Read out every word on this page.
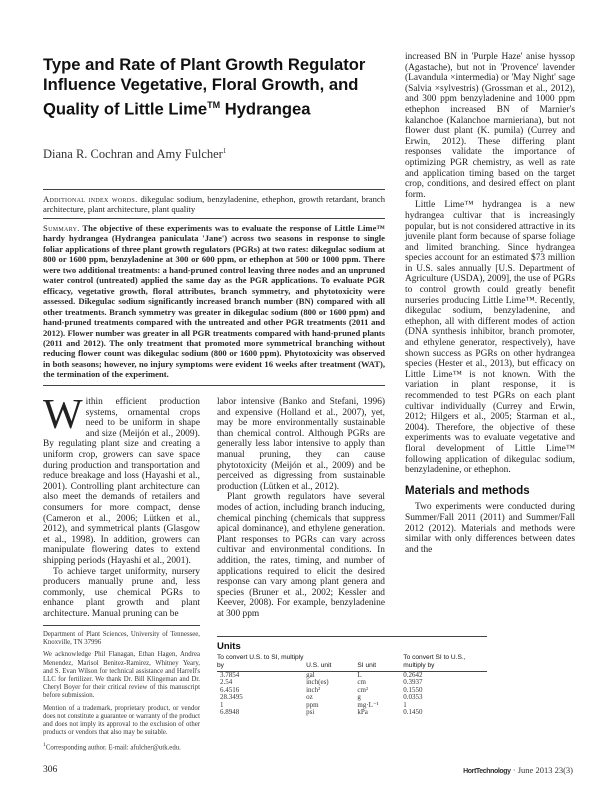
Type and Rate of Plant Growth Regulator
Influence Vegetative, Floral Growth, and
Quality of Little Lime™ Hydrangea
Diana R. Cochran and Amy Fulcher$^1$
Additional index words. dikegulac sodium, benzyladenine, ethephon, growth retardant, branch architecture, plant architecture, plant quality
Summary. The objective of these experiments was to evaluate the response of Little Lime™ hardy hydrangea (Hydrangea paniculata 'Jane') across two seasons in response to single foliar applications of three plant growth regulators (PGRs) at two rates: dikegulac sodium at 800 or 1600 ppm, benzyladenine at 300 or 600 ppm, or ethephon at 500 or 1000 ppm. There were two additional treatments: a hand-pruned control leaving three nodes and an unpruned water control (untreated) applied the same day as the PGR applications. To evaluate PGR efficacy, vegetative growth, floral attributes, branch symmetry, and phytotoxicity were assessed. Dikegulac sodium significantly increased branch number (BN) compared with all other treatments. Branch symmetry was greater in dikegulac sodium (800 or 1600 ppm) and hand-pruned treatments compared with the untreated and other PGR treatments (2011 and 2012). Flower number was greater in all PGR treatments compared with hand-pruned plants (2011 and 2012). The only treatment that promoted more symmetrical branching without reducing flower count was dikegulac sodium (800 or 1600 ppm). Phytotoxicity was observed in both seasons; however, no injury symptoms were evident 16 weeks after treatment (WAT), the termination of the experiment.

Within efficient production systems, ornamental crops need to be uniform in shape and size (Meijón et al., 2009). By regulating plant size and creating a uniform crop, growers can save space during production and transportation and reduce breakage and loss (Hayashi et al., 2001). Controlling plant architecture can also meet the demands of retailers and consumers for more compact, dense (Cameron et al., 2006; Lütken et al., 2012), and symmetrical plants (Glasgow et al., 1998). In addition, growers can manipulate flowering dates to extend shipping periods (Hayashi et al., 2001).

To achieve target uniformity, nursery producers manually prune and, less commonly, use chemical PGRs to enhance plant growth and plant architecture. Manual pruning can be

labor intensive (Banko and Stefani, 1996) and expensive (Holland et al., 2007), yet, may be more environmentally sustainable than chemical control. Although PGRs are generally less labor intensive to apply than manual pruning, they can cause phytotoxicity (Meijón et al., 2009) and be perceived as digressing from sustainable production (Lütken et al., 2012).

Plant growth regulators have several modes of action, including branch inducing, chemical pinching (chemicals that suppress apical dominance), and ethylene generation. Plant responses to PGRs can vary across cultivar and environmental conditions. In addition, the rates, timing, and number of applications required to elicit the desired response can vary among plant genera and species (Bruner et al., 2002; Kessler and Keever, 2008). For example, benzyladenine at 300 ppm

increased BN in 'Purple Haze' anise hyssop (Agastache), but not in 'Provence' lavender (Lavandula ×intermedia) or 'May Night' sage (Salvia ×sylvestris) (Grossman et al., 2012), and 300 ppm benzyladenine and 1000 ppm ethephon increased BN of Marnier's kalanchoe (Kalanchoe marnieriana), but not flower dust plant (K. pumila) (Currey and Erwin, 2012). These differing plant responses validate the importance of optimizing PGR chemistry, as well as rate and application timing based on the target crop, conditions, and desired effect on plant form.

Little Lime™ hydrangea is a new hydrangea cultivar that is increasingly popular, but is not considered attractive in its juvenile plant form because of sparse foliage and limited branching. Since hydrangea species account for an estimated $73 million in U.S. sales annually [U.S. Department of Agriculture (USDA), 2009], the use of PGRs to control growth could greatly benefit nurseries producing Little Lime™. Recently, dikegulac sodium, benzyladenine, and ethephon, all with different modes of action (DNA synthesis inhibitor, branch promoter, and ethylene generator, respectively), have shown success as PGRs on other hydrangea species (Hester et al., 2013), but efficacy on Little Lime™ is not known. With the variation in plant response, it is recommended to test PGRs on each plant cultivar individually (Currey and Erwin, 2012; Hilgers et al., 2005; Starman et al., 2004). Therefore, the objective of these experiments was to evaluate vegetative and floral development of Little Lime™ following application of dikegulac sodium, benzyladenine, or ethephon.

Materials and methods

Two experiments were conducted during Summer/Fall 2011 (2011) and Summer/Fall 2012 (2012). Materials and methods were similar with only differences between dates and the

Department of Plant Sciences, University of Tennessee, Knoxville, TN 37996

We acknowledge Phil Flanagan, Ethan Hagen, Andrea Menendez, Marisol Benitez-Ramirez, Whitney Yeary, and S. Evan Wilson for technical assistance and Harrell's LLC for fertilizer. We thank Dr. Bill Klingeman and Dr. Cheryl Boyer for their critical review of this manuscript before submission.

Mention of a trademark, proprietary product, or vendor does not constitute a guarantee or warranty of the product and does not imply its approval to the exclusion of other products or vendors that also may be suitable.

$^1$Corresponding author. E-mail: afulcher@utk.edu.

306
Units
To convert U.S. to SI, multiply by	U.S. unit	SI unit	To convert SI to U.S., multiply by
3.7854	gal	L	0.2642
2.54	inch(es)	cm	0.3937
6.4516	inch²	cm²	0.1550
28.3495	oz	g	0.0353
1	ppm	mg·L⁻¹	1
6.8948	psi	kPa	0.1450
HortTechnology · June 2013 23(3)
